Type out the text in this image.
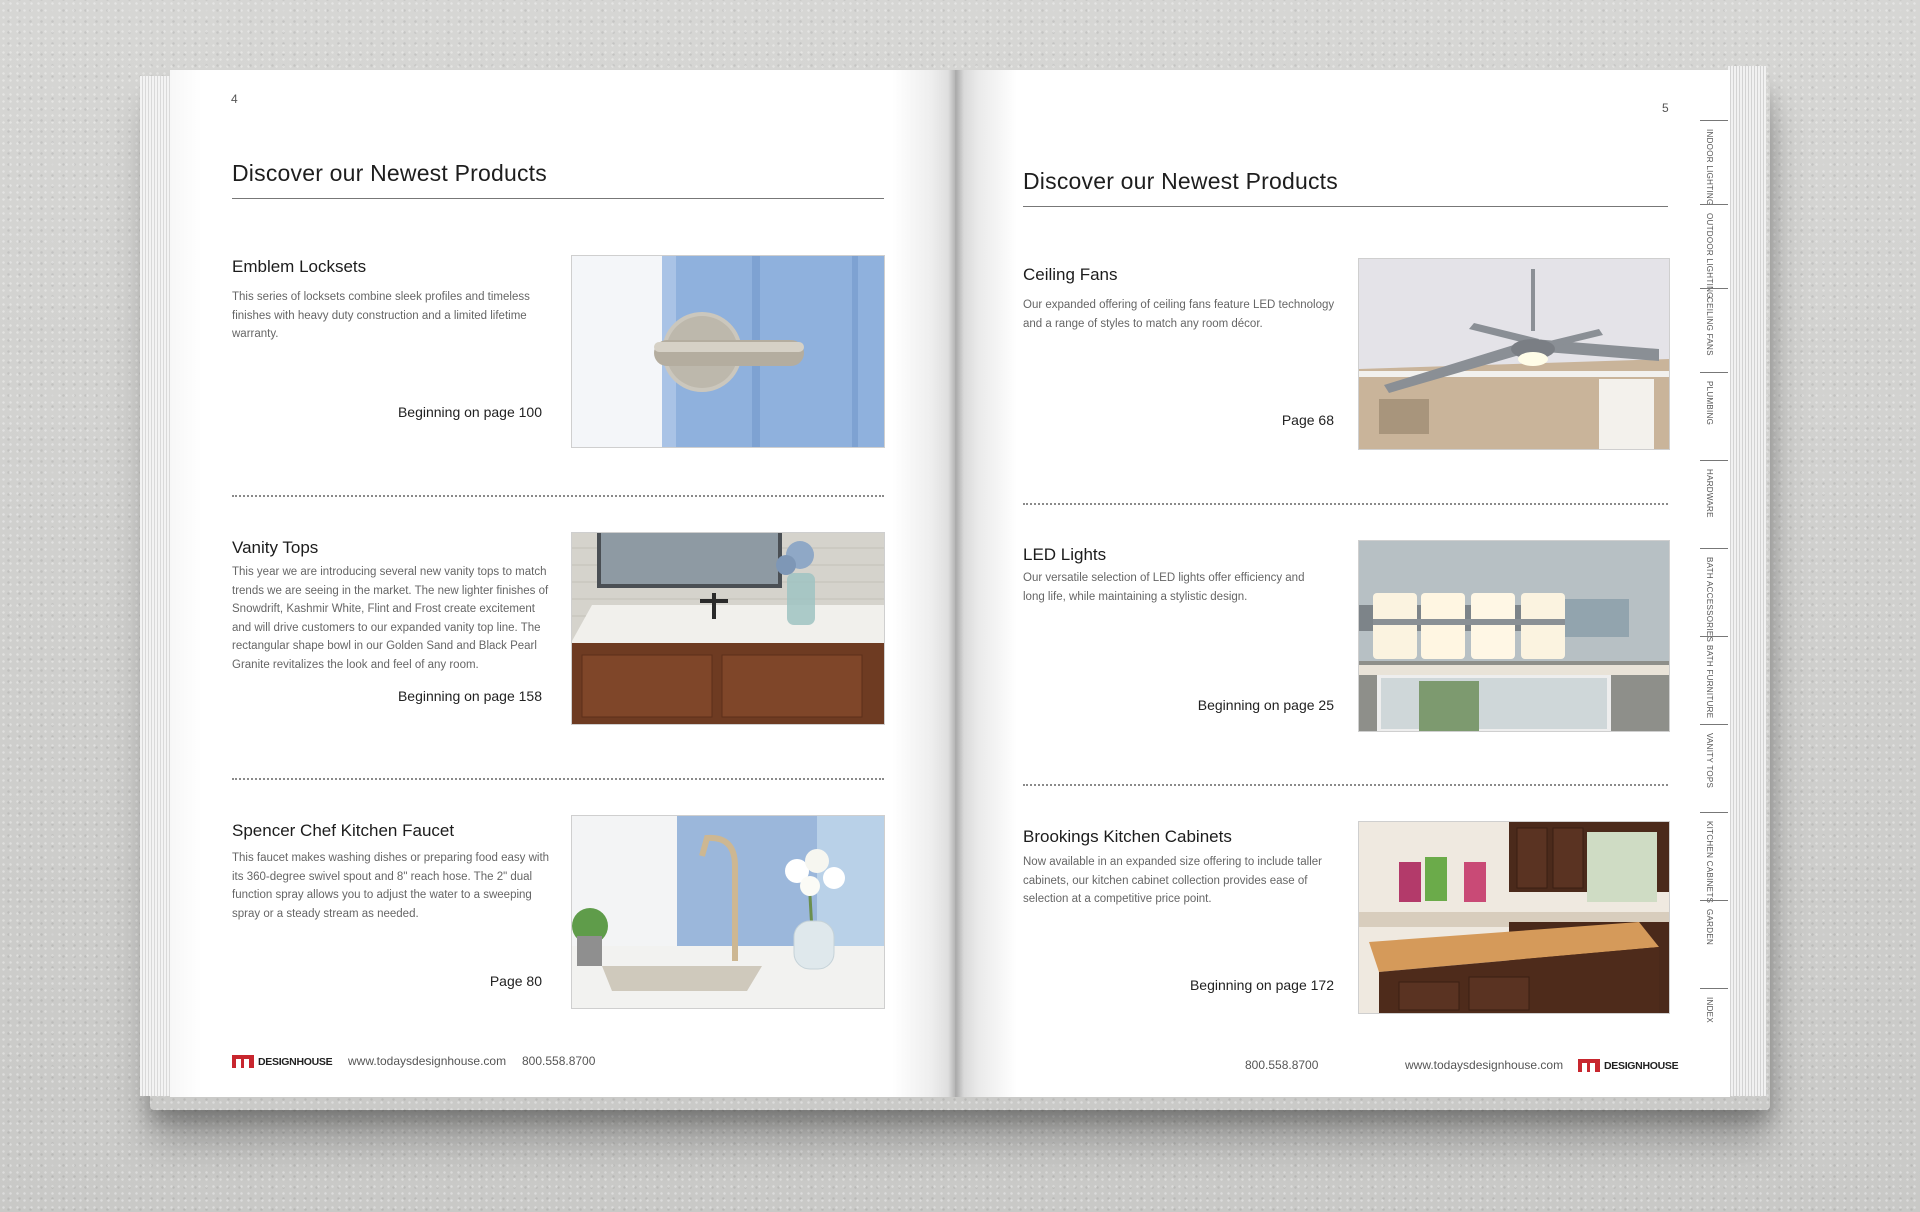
4
Discover our Newest Products
Emblem Locksets
This series of locksets combine sleek profiles and timeless finishes with heavy duty construction and a limited lifetime warranty.
Beginning on page 100
Vanity Tops
This year we are introducing several new vanity tops to match trends we are seeing in the market. The new lighter finishes of Snowdrift, Kashmir White, Flint and Frost create excitement and will drive customers to our expanded vanity top line. The rectangular shape bowl in our Golden Sand and Black Pearl Granite revitalizes the look and feel of any room.
Beginning on page 158
Spencer Chef Kitchen Faucet
This faucet makes washing dishes or preparing food easy with its 360-degree swivel spout and 8" reach hose. The 2" dual function spray allows you to adjust the water to a sweeping spray or a steady stream as needed.
Page 80
DESIGNHOUSE www.todaysdesignhouse.com 800.558.8700
5
Discover our Newest Products
Ceiling Fans
Our expanded offering of ceiling fans feature LED technology and a range of styles to match any room décor.
Page 68
LED Lights
Our versatile selection of LED lights offer efficiency and long life, while maintaining a stylistic design.
Beginning on page 25
Brookings Kitchen Cabinets
Now available in an expanded size offering to include taller cabinets, our kitchen cabinet collection provides ease of selection at a competitive price point.
Beginning on page 172
800.558.8700	www.todaysdesignhouse.com	DESIGNHOUSE
INDOOR LIGHTING
OUTDOOR LIGHTING
CEILING FANS
PLUMBING
HARDWARE
BATH ACCESSORIES
BATH FURNITURE
VANITY TOPS
KITCHEN CABINETS
GARDEN
INDEX
